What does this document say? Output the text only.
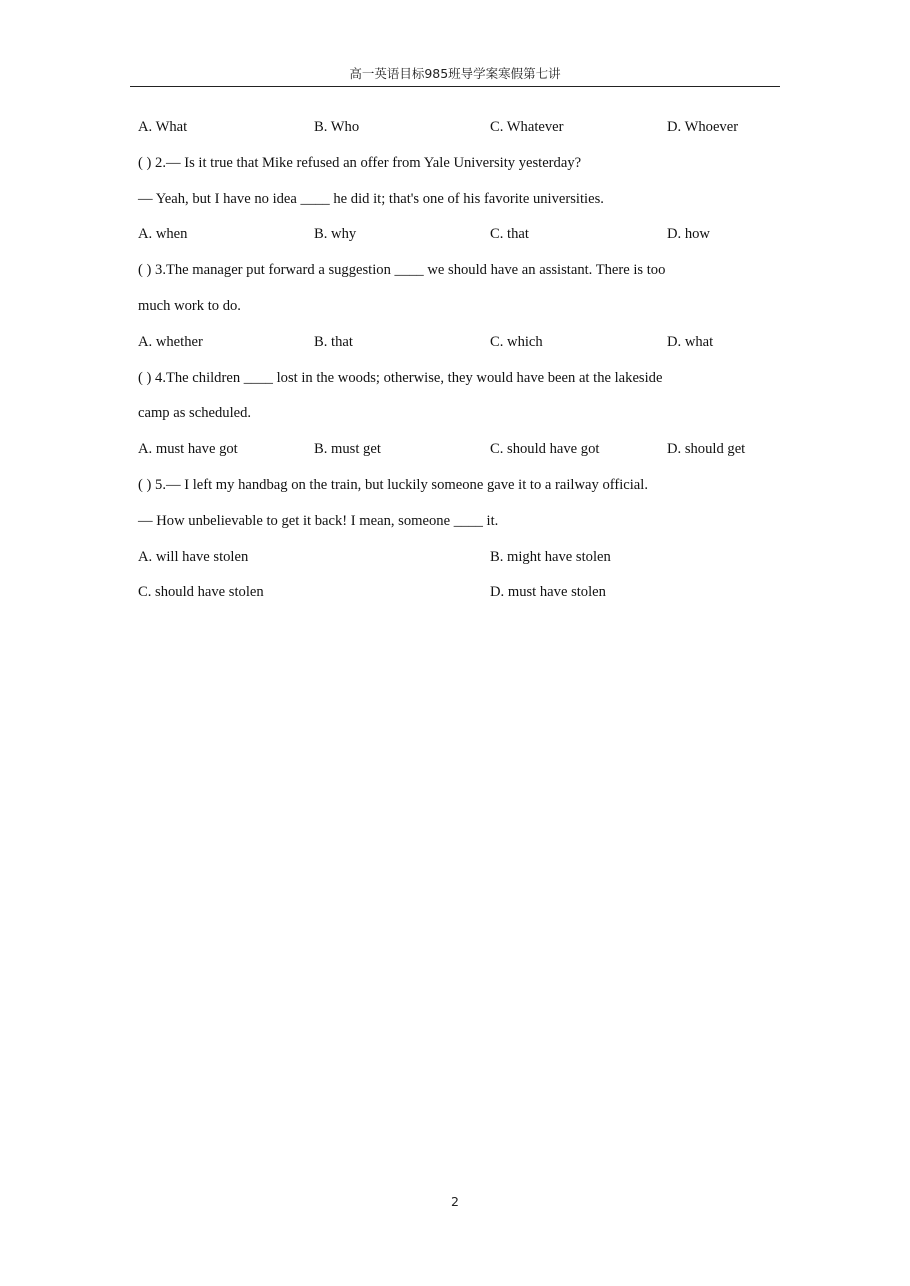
高一英语目标985班导学案寒假第七讲
A. What	B. Who	C. Whatever	D. Whoever
( ) 2.— Is it true that Mike refused an offer from Yale University yesterday?
— Yeah, but I have no idea ____ he did it; that's one of his favorite universities.
A. when	B. why	C. that	D. how
( ) 3.The manager put forward a suggestion ____ we should have an assistant. There is too
much work to do.
A. whether	B. that	C. which	D. what
( ) 4.The children ____ lost in the woods; otherwise, they would have been at the lakeside
camp as scheduled.
A. must have got	B. must get	C. should have got	D. should get
( ) 5.— I left my handbag on the train, but luckily someone gave it to a railway official.
— How unbelievable to get it back! I mean, someone ____ it.
A. will have stolen	B. might have stolen
C. should have stolen	D. must have stolen
2
